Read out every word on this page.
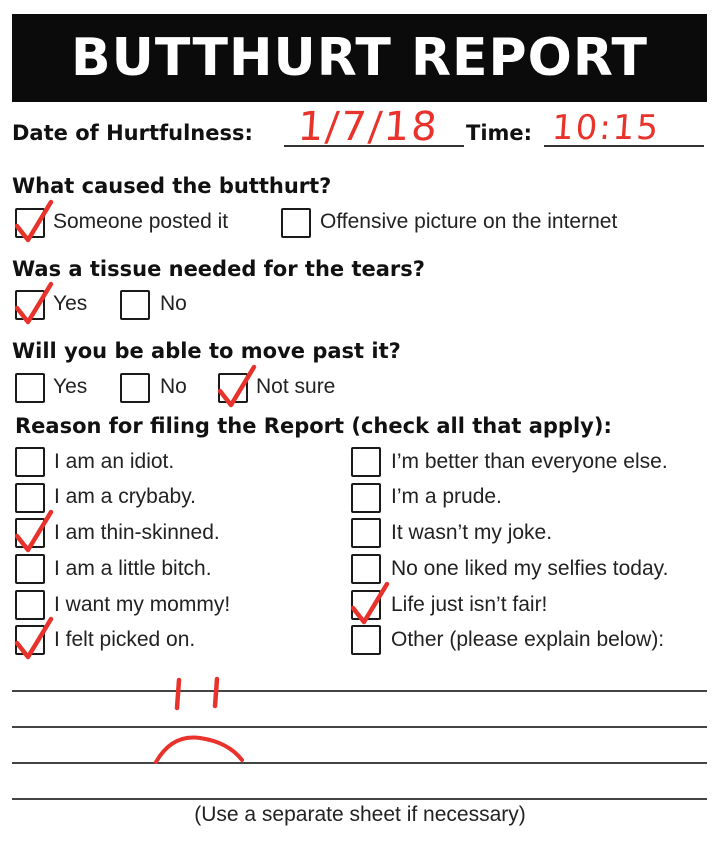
BUTTHURT REPORT
Date of Hurtfulness: 1/7/18 Time: 10:15
What caused the butthurt?
Someone posted it	Offensive picture on the internet
Was a tissue needed for the tears?
Yes	No
Will you be able to move past it?
Yes	No	Not sure
Reason for filing the Report (check all that apply):
I am an idiot.
I am a crybaby.
I am thin-skinned.
I am a little bitch.
I want my mommy!
I felt picked on.
I’m better than everyone else.
I’m a prude.
It wasn’t my joke.
No one liked my selfies today.
Life just isn’t fair!
Other (please explain below):
(Use a separate sheet if necessary)
